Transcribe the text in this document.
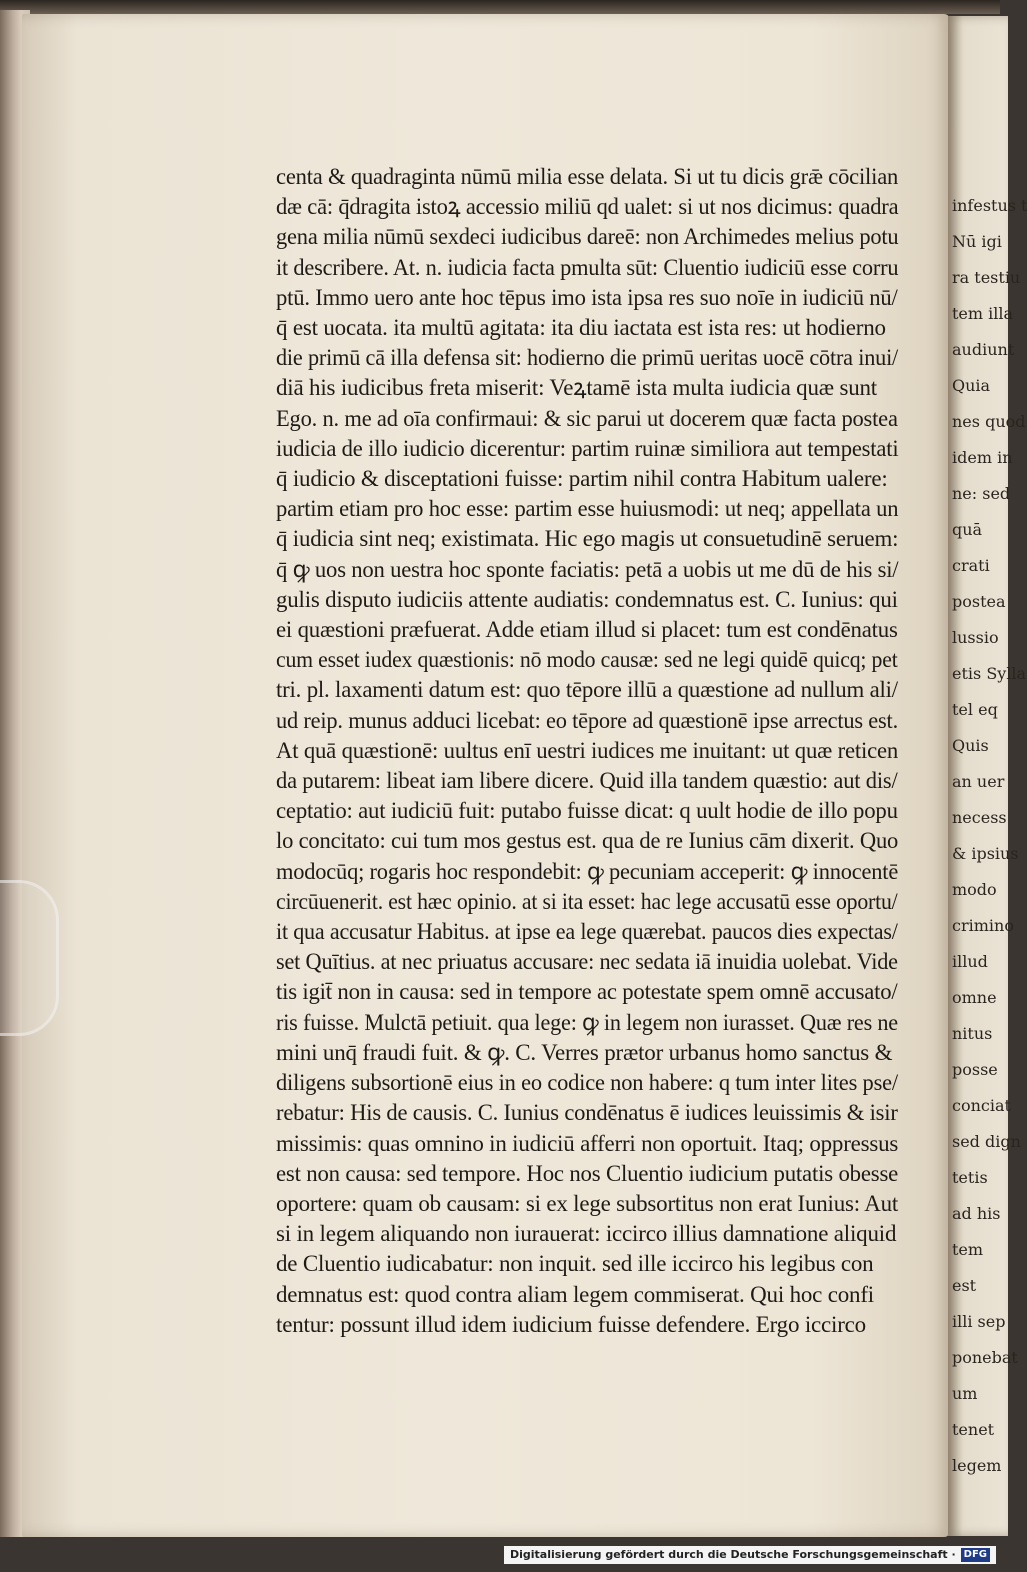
infestus t
Nū igi
ra testiu
tem illa
audiunt
Quia
nes quod
idem in
ne: sed
quā
crati
postea
lussio
etis Sylla
tel eq
Quis
an uer
necess
& ipsius
modo
crimino
illud
omne
nitus
posse
conciat
sed dign
tetis
ad his
tem
est
illi sep
ponebat
um
tenet
legem
centa & quadraginta nūmū milia esse delata. Si ut tu dicis grǣ cōcilian
dæ cā: q̄dragita istoꝝ accessio miliū qd ualet: si ut nos dicimus: quadra
gena milia nūmū sexdeci iudicibus dareē: non Archimedes melius potu
it describere. At. n. iudicia facta pmulta sūt: Cluentio iudiciū esse corru
ptū. Immo uero ante hoc tēpus imo ista ipsa res suo noīe in iudiciū nū/
q̄ est uocata. ita multū agitata: ita diu iactata est ista res: ut hodierno
die primū cā illa defensa sit: hodierno die primū ueritas uocē cōtra inui/
diā his iudicibus freta miserit: Veꝝtamē ista multa iudicia quæ sunt
Ego. n. me ad oīa confirmaui: & sic parui ut docerem quæ facta postea
iudicia de illo iudicio dicerentur: partim ruinæ similiora aut tempestati
q̄ iudicio & disceptationi fuisse: partim nihil contra Habitum ualere:
partim etiam pro hoc esse: partim esse huiusmodi: ut neq; appellata un
q̄ iudicia sint neq; existimata. Hic ego magis ut consuetudinē seruem:
q̄ ꝙ uos non uestra hoc sponte faciatis: petā a uobis ut me dū de his si/
gulis disputo iudiciis attente audiatis: condemnatus est. C. Iunius: qui
ei quæstioni præfuerat. Adde etiam illud si placet: tum est condēnatus
cum esset iudex quæstionis: nō modo causæ: sed ne legi quidē quicq; pet
tri. pl. laxamenti datum est: quo tēpore illū a quæstione ad nullum ali/
ud reip. munus adduci licebat: eo tēpore ad quæstionē ipse arrectus est.
At quā quæstionē: uultus enī uestri iudices me inuitant: ut quæ reticen
da putarem: libeat iam libere dicere. Quid illa tandem quæstio: aut dis/
ceptatio: aut iudiciū fuit: putabo fuisse dicat: q uult hodie de illo popu
lo concitato: cui tum mos gestus est. qua de re Iunius cām dixerit. Quo
modocūq; rogaris hoc respondebit: ꝙ pecuniam acceperit: ꝙ innocentē
circūuenerit. est hæc opinio. at si ita esset: hac lege accusatū esse oportu/
it qua accusatur Habitus. at ipse ea lege quærebat. paucos dies expectas/
set Quītius. at nec priuatus accusare: nec sedata iā inuidia uolebat. Vide
tis igit̄ non in causa: sed in tempore ac potestate spem omnē accusato/
ris fuisse. Mulctā petiuit. qua lege: ꝙ in legem non iurasset. Quæ res ne
mini unq̄ fraudi fuit. & ꝙ. C. Verres prætor urbanus homo sanctus &
diligens subsortionē eius in eo codice non habere: q tum inter lites pse/
rebatur: His de causis. C. Iunius condēnatus ē iudices leuissimis & isir
missimis: quas omnino in iudiciū afferri non oportuit. Itaq; oppressus
est non causa: sed tempore. Hoc nos Cluentio iudicium putatis obesse
oportere: quam ob causam: si ex lege subsortitus non erat Iunius: Aut
si in legem aliquando non iurauerat: iccirco illius damnatione aliquid
de Cluentio iudicabatur: non inquit. sed ille iccirco his legibus con
demnatus est: quod contra aliam legem commiserat. Qui hoc confi
tentur: possunt illud idem iudicium fuisse defendere. Ergo iccirco
Digitalisierung gefördert durch die Deutsche Forschungsgemeinschaft · DFG
